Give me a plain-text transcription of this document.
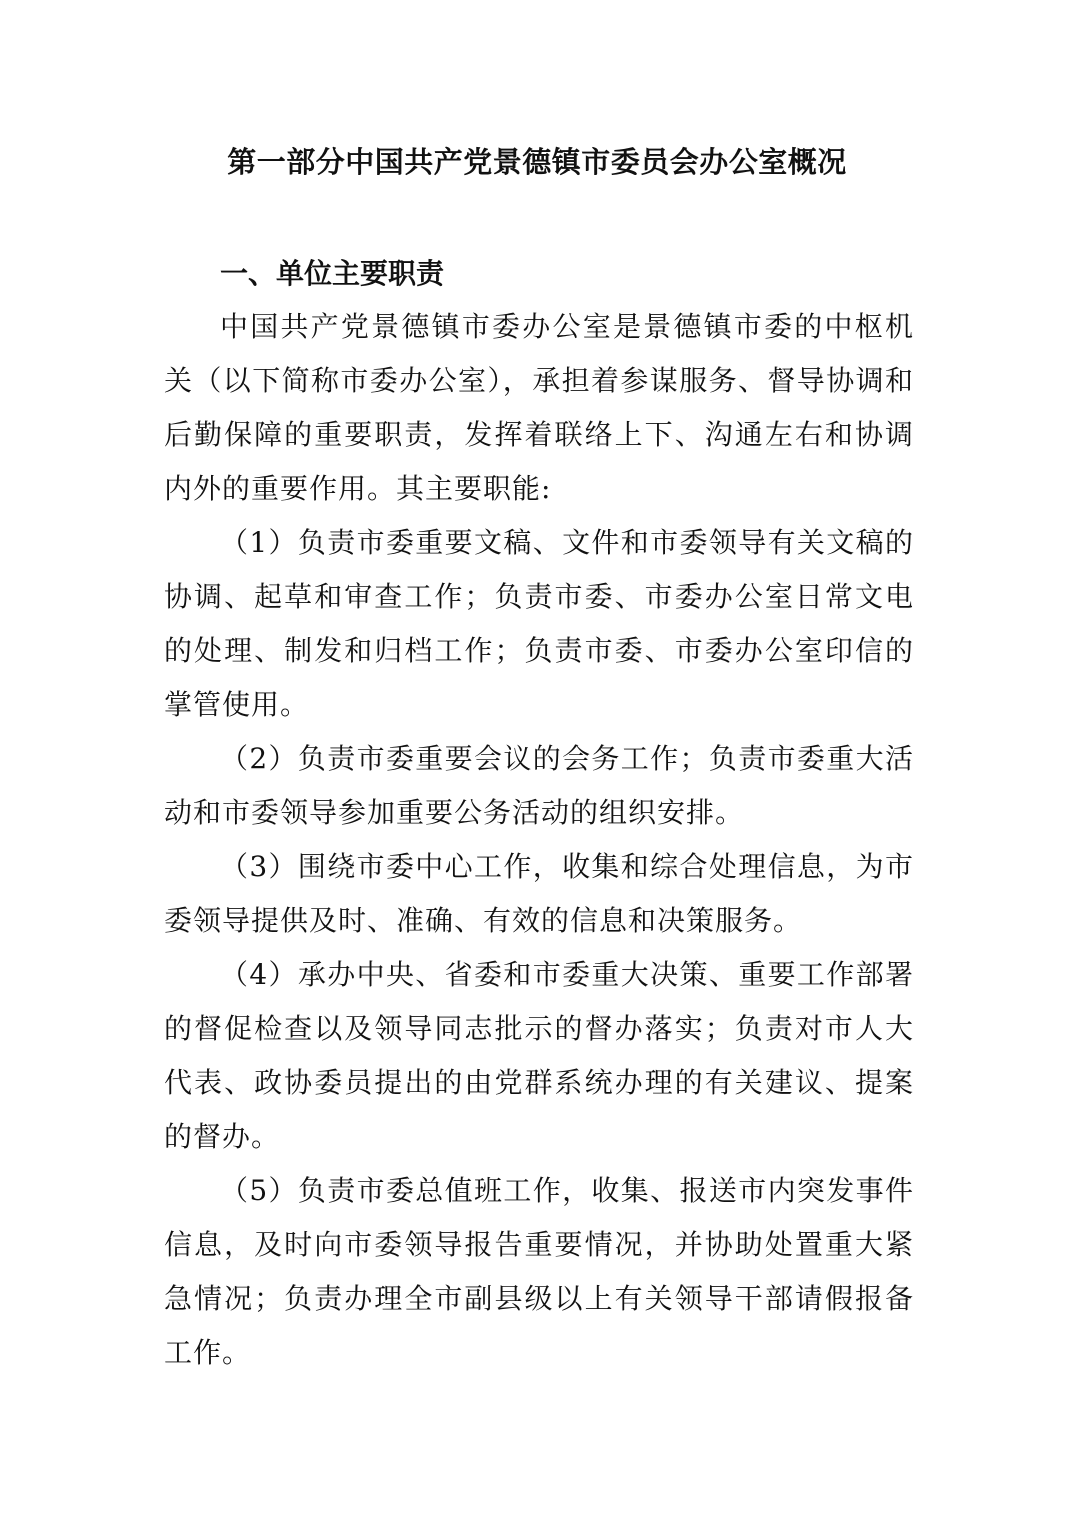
第一部分中国共产党景德镇市委员会办公室概况
一、单位主要职责

中国共产党景德镇市委办公室是景德镇市委的中枢机关（以下简称市委办公室），承担着参谋服务、督导协调和后勤保障的重要职责，发挥着联络上下、沟通左右和协调内外的重要作用。其主要职能:

（1）负责市委重要文稿、文件和市委领导有关文稿的协调、起草和审查工作；负责市委、市委办公室日常文电的处理、制发和归档工作；负责市委、市委办公室印信的掌管使用。

（2）负责市委重要会议的会务工作；负责市委重大活动和市委领导参加重要公务活动的组织安排。

（3）围绕市委中心工作，收集和综合处理信息，为市委领导提供及时、准确、有效的信息和决策服务。

（4）承办中央、省委和市委重大决策、重要工作部署的督促检查以及领导同志批示的督办落实；负责对市人大代表、政协委员提出的由党群系统办理的有关建议、提案的督办。

（5）负责市委总值班工作，收集、报送市内突发事件信息，及时向市委领导报告重要情况，并协助处置重大紧急情况；负责办理全市副县级以上有关领导干部请假报备工作。
